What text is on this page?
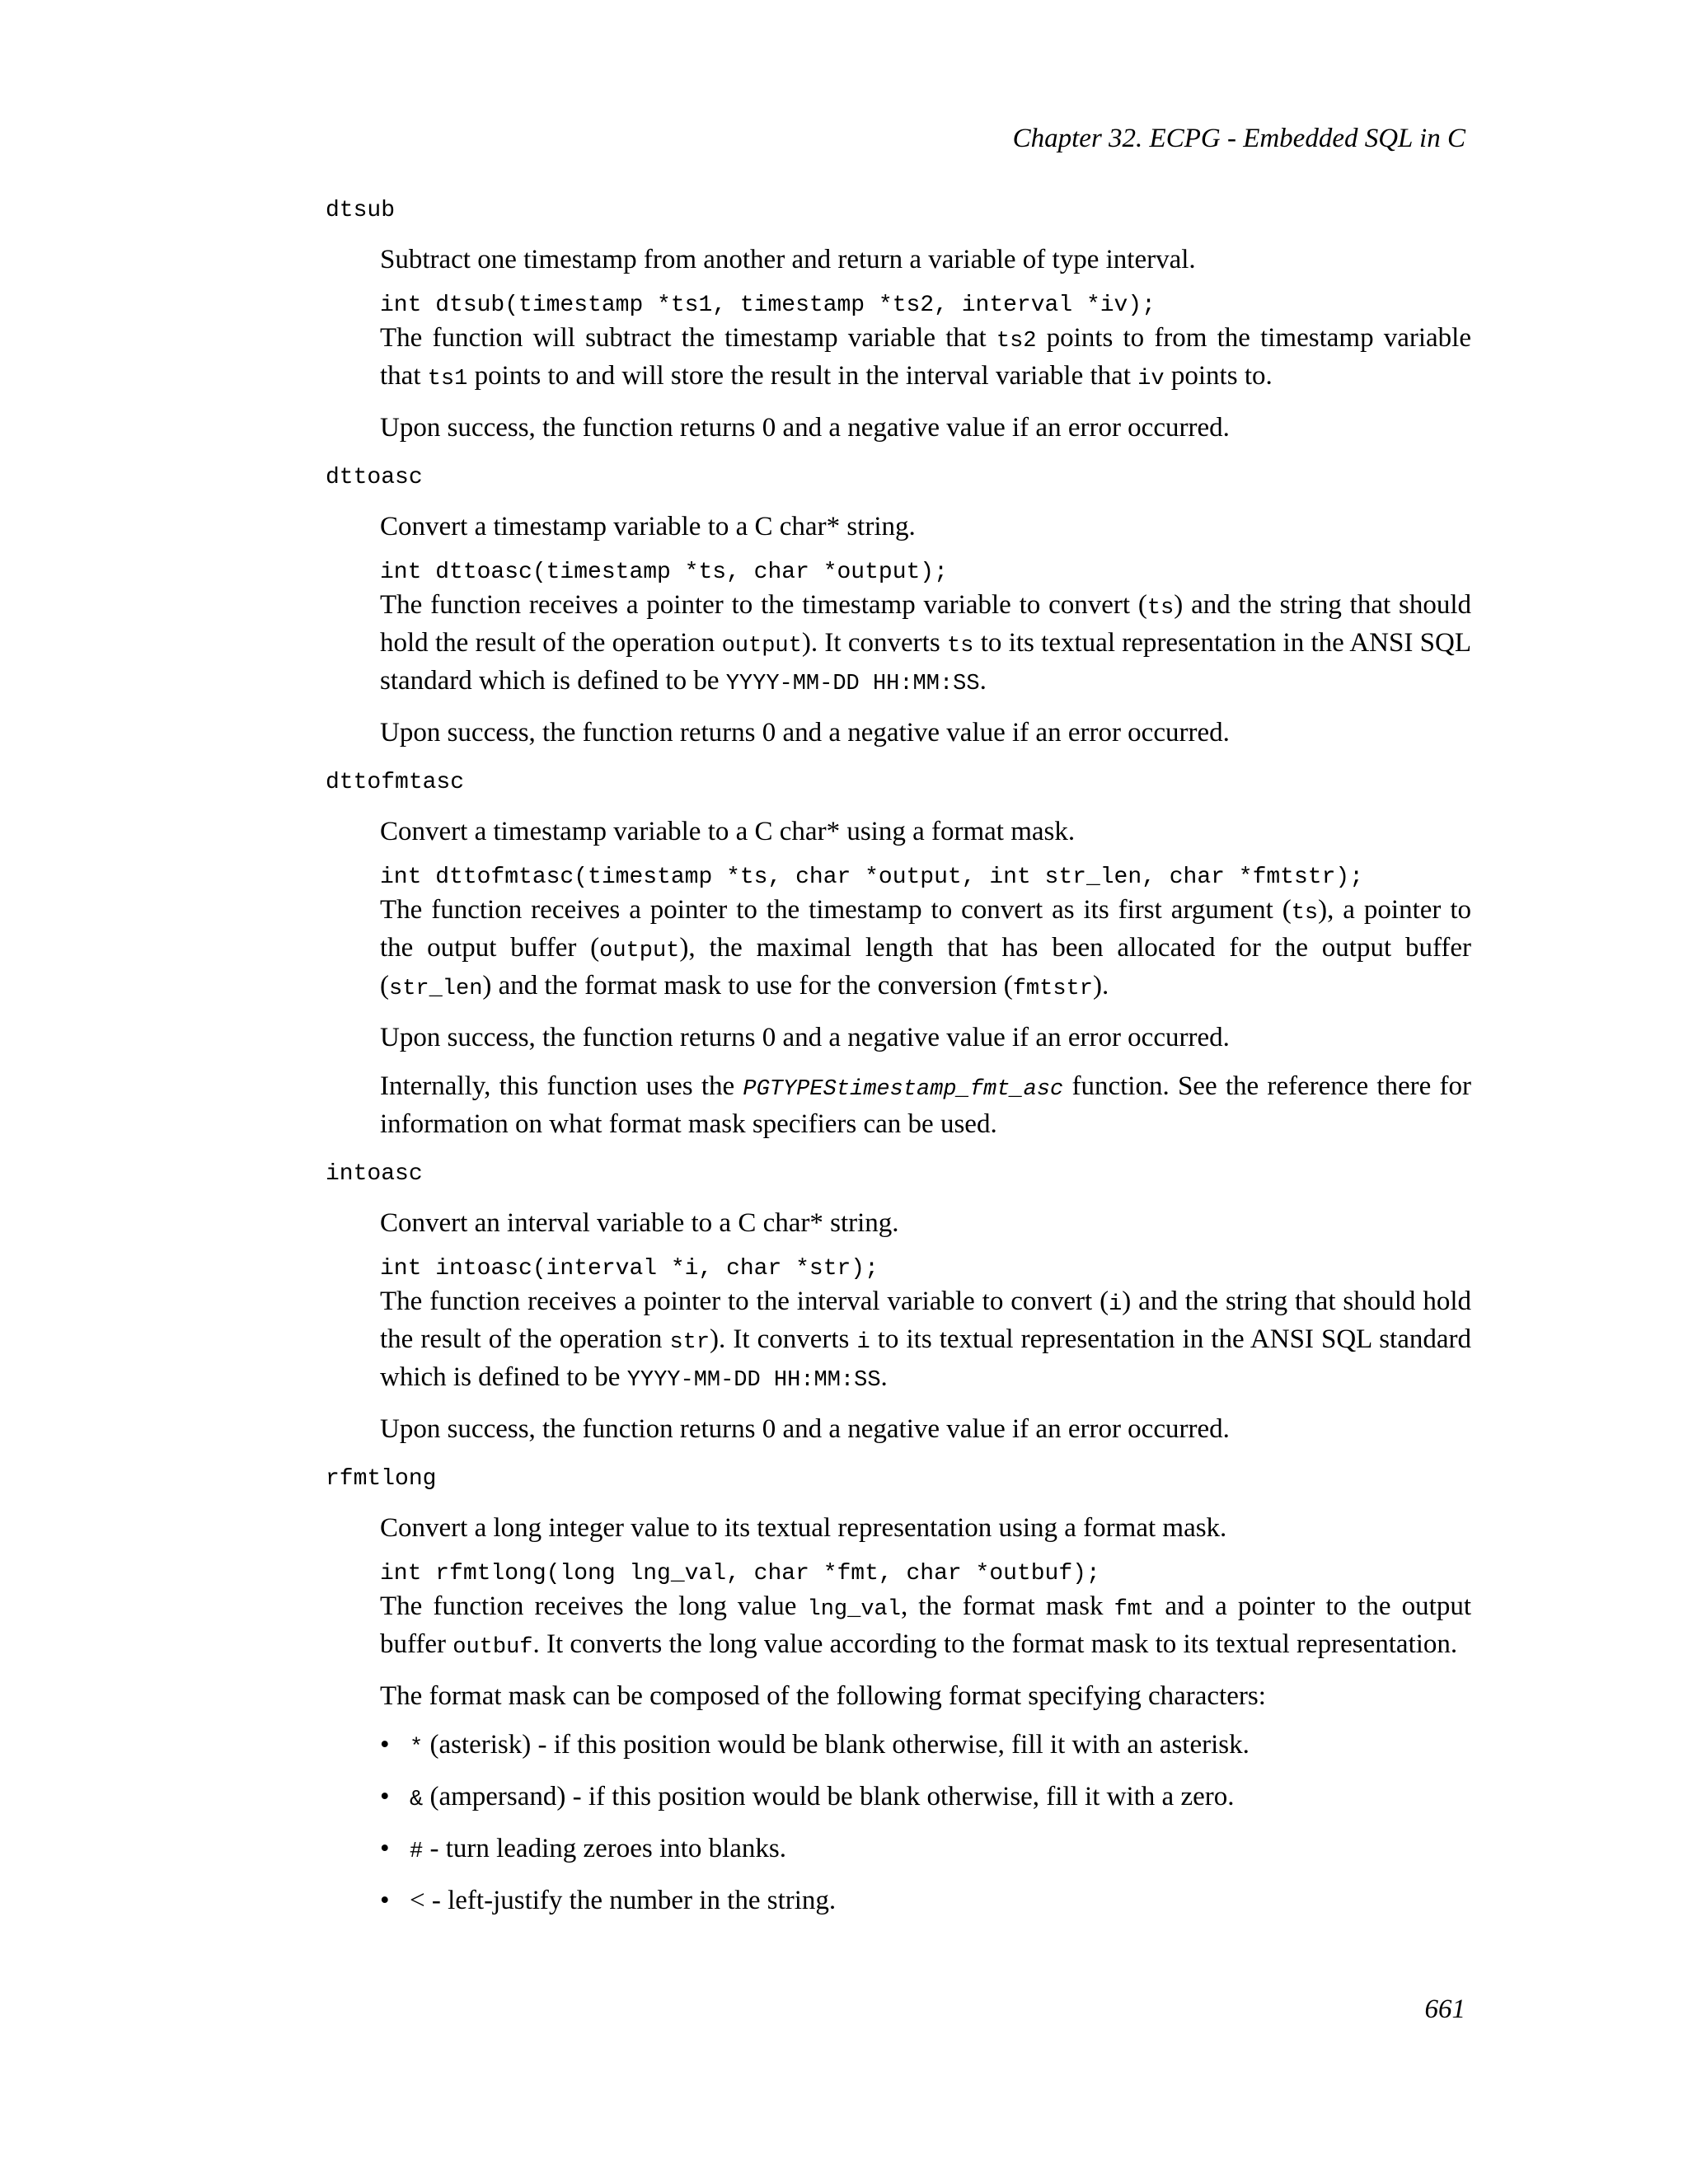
Chapter 32. ECPG - Embedded SQL in C
dtsub

Subtract one timestamp from another and return a variable of type interval.

int dtsub(timestamp *ts1, timestamp *ts2, interval *iv);

The function will subtract the timestamp variable that ts2 points to from the timestamp variable that ts1 points to and will store the result in the interval variable that iv points to.

Upon success, the function returns 0 and a negative value if an error occurred.

dttoasc

Convert a timestamp variable to a C char* string.

int dttoasc(timestamp *ts, char *output);

The function receives a pointer to the timestamp variable to convert (ts) and the string that should hold the result of the operation output). It converts ts to its textual representation in the ANSI SQL standard which is defined to be YYYY-MM-DD HH:MM:SS.

Upon success, the function returns 0 and a negative value if an error occurred.

dttofmtasc

Convert a timestamp variable to a C char* using a format mask.

int dttofmtasc(timestamp *ts, char *output, int str_len, char *fmtstr);

The function receives a pointer to the timestamp to convert as its first argument (ts), a pointer to the output buffer (output), the maximal length that has been allocated for the output buffer (str_len) and the format mask to use for the conversion (fmtstr).

Upon success, the function returns 0 and a negative value if an error occurred.

Internally, this function uses the PGTYPEStimestamp_fmt_asc function. See the reference there for information on what format mask specifiers can be used.

intoasc

Convert an interval variable to a C char* string.

int intoasc(interval *i, char *str);

The function receives a pointer to the interval variable to convert (i) and the string that should hold the result of the operation str). It converts i to its textual representation in the ANSI SQL standard which is defined to be YYYY-MM-DD HH:MM:SS.

Upon success, the function returns 0 and a negative value if an error occurred.

rfmtlong

Convert a long integer value to its textual representation using a format mask.

int rfmtlong(long lng_val, char *fmt, char *outbuf);

The function receives the long value lng_val, the format mask fmt and a pointer to the output buffer outbuf. It converts the long value according to the format mask to its textual representation.

The format mask can be composed of the following format specifying characters:

• * (asterisk) - if this position would be blank otherwise, fill it with an asterisk.
• & (ampersand) - if this position would be blank otherwise, fill it with a zero.
• # - turn leading zeroes into blanks.
• < - left-justify the number in the string.
661
